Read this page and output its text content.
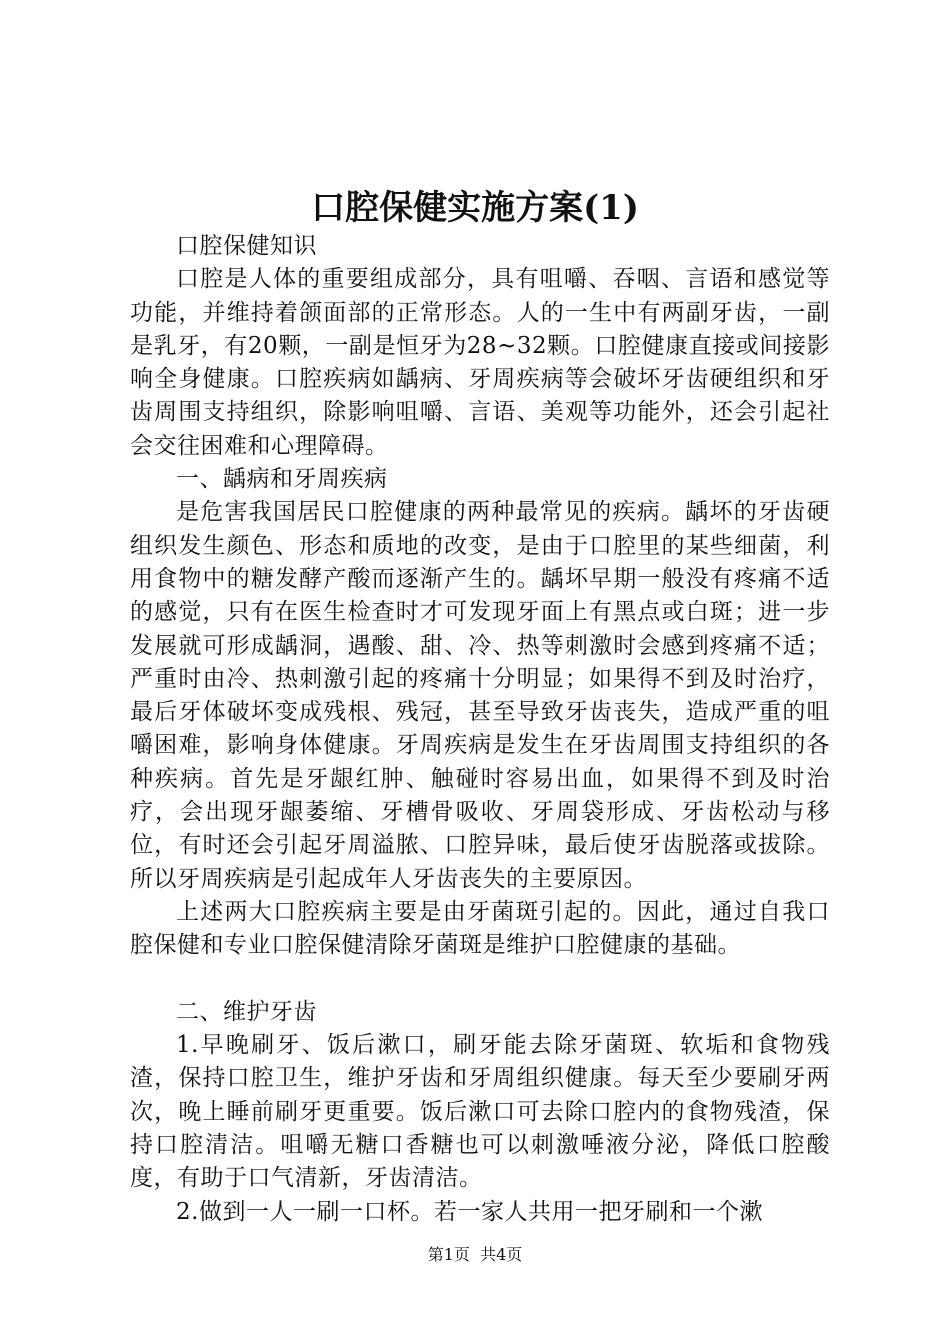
口腔保健实施方案(1)

口腔保健知识

口腔是人体的重要组成部分，具有咀嚼、吞咽、言语和感觉等功能，并维持着颌面部的正常形态。人的一生中有两副牙齿，一副是乳牙，有20颗，一副是恒牙为28~32颗。口腔健康直接或间接影响全身健康。口腔疾病如龋病、牙周疾病等会破坏牙齿硬组织和牙齿周围支持组织，除影响咀嚼、言语、美观等功能外，还会引起社会交往困难和心理障碍。

一、龋病和牙周疾病

是危害我国居民口腔健康的两种最常见的疾病。龋坏的牙齿硬组织发生颜色、形态和质地的改变，是由于口腔里的某些细菌，利用食物中的糖发酵产酸而逐渐产生的。龋坏早期一般没有疼痛不适的感觉，只有在医生检查时才可发现牙面上有黑点或白斑；进一步发展就可形成龋洞，遇酸、甜、冷、热等刺激时会感到疼痛不适；严重时由冷、热刺激引起的疼痛十分明显；如果得不到及时治疗，最后牙体破坏变成残根、残冠，甚至导致牙齿丧失，造成严重的咀嚼困难，影响身体健康。牙周疾病是发生在牙齿周围支持组织的各种疾病。首先是牙龈红肿、触碰时容易出血，如果得不到及时治疗，会出现牙龈萎缩、牙槽骨吸收、牙周袋形成、牙齿松动与移位，有时还会引起牙周溢脓、口腔异味，最后使牙齿脱落或拔除。所以牙周疾病是引起成年人牙齿丧失的主要原因。

上述两大口腔疾病主要是由牙菌斑引起的。因此，通过自我口腔保健和专业口腔保健清除牙菌斑是维护口腔健康的基础。

二、维护牙齿

1.早晚刷牙、饭后漱口，刷牙能去除牙菌斑、软垢和食物残渣，保持口腔卫生，维护牙齿和牙周组织健康。每天至少要刷牙两次，晚上睡前刷牙更重要。饭后漱口可去除口腔内的食物残渣，保持口腔清洁。咀嚼无糖口香糖也可以刺激唾液分泌，降低口腔酸度，有助于口气清新，牙齿清洁。

2.做到一人一刷一口杯。若一家人共用一把牙刷和一个漱

第1页 共4页
